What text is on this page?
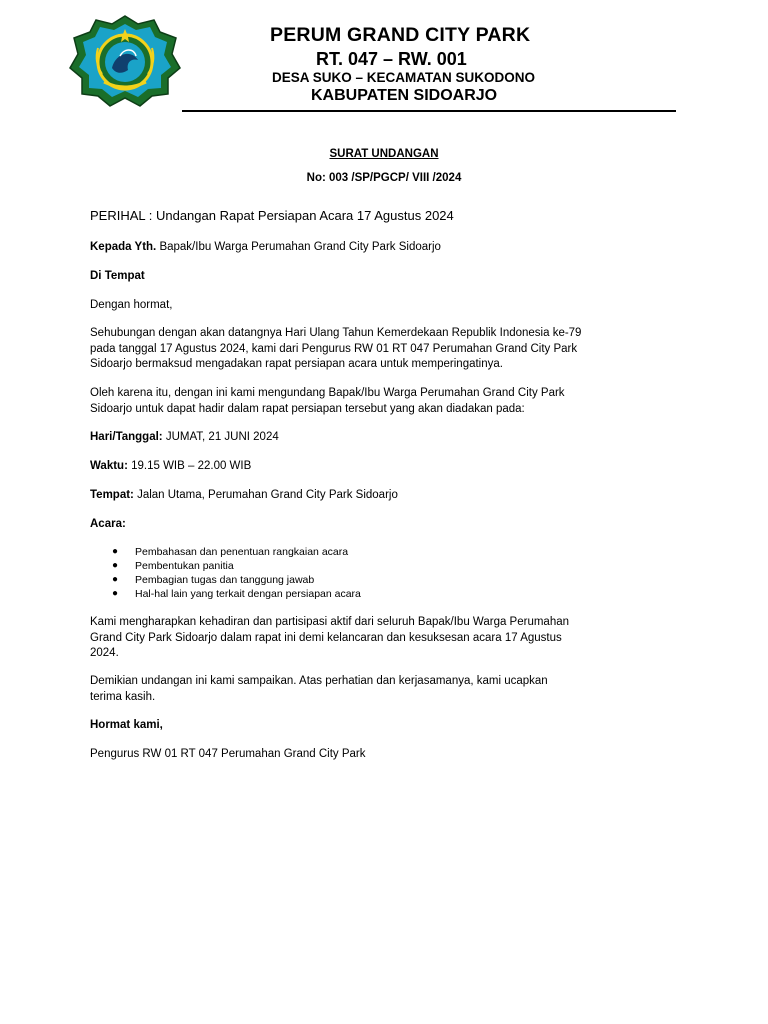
PERUM GRAND CITY PARK
RT. 047 – RW. 001
DESA SUKO – KECAMATAN SUKODONO
KABUPATEN SIDOARJO
SURAT UNDANGAN
No: 003 /SP/PGCP/ VIII /2024
PERIHAL : Undangan Rapat Persiapan Acara 17 Agustus 2024
Kepada Yth. Bapak/Ibu Warga Perumahan Grand City Park Sidoarjo
Di Tempat
Dengan hormat,
Sehubungan dengan akan datangnya Hari Ulang Tahun Kemerdekaan Republik Indonesia ke-79
pada tanggal 17 Agustus 2024, kami dari Pengurus RW 01 RT 047 Perumahan Grand City Park
Sidoarjo bermaksud mengadakan rapat persiapan acara untuk memperingatinya.
Oleh karena itu, dengan ini kami mengundang Bapak/Ibu Warga Perumahan Grand City Park
Sidoarjo untuk dapat hadir dalam rapat persiapan tersebut yang akan diadakan pada:
Hari/Tanggal: JUMAT, 21 JUNI 2024
Waktu: 19.15 WIB – 22.00 WIB
Tempat: Jalan Utama, Perumahan Grand City Park Sidoarjo
Acara:
● Pembahasan dan penentuan rangkaian acara
● Pembentukan panitia
● Pembagian tugas dan tanggung jawab
● Hal-hal lain yang terkait dengan persiapan acara
Kami mengharapkan kehadiran dan partisipasi aktif dari seluruh Bapak/Ibu Warga Perumahan
Grand City Park Sidoarjo dalam rapat ini demi kelancaran dan kesuksesan acara 17 Agustus
2024.
Demikian undangan ini kami sampaikan. Atas perhatian dan kerjasamanya, kami ucapkan
terima kasih.
Hormat kami,
Pengurus RW 01 RT 047 Perumahan Grand City Park
